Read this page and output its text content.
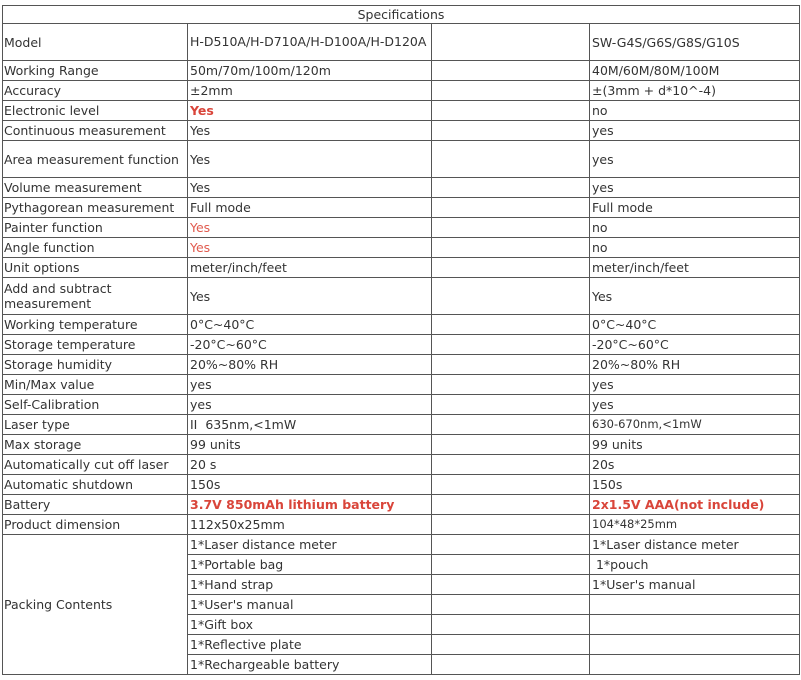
Specifications			
Model	H-D510A/H-D710A/H-D100A/H-D120A		SW-G4S/G6S/G8S/G10S
Working Range	50m/70m/100m/120m		40M/60M/80M/100M
Accuracy	±2mm		±(3mm + d*10^-4)
Electronic level	Yes		no
Continuous measurement	Yes		yes
Area measurement function	Yes		yes
Volume measurement	Yes		yes
Pythagorean measurement	Full mode		Full mode
Painter function	Yes		no
Angle function	Yes		no
Unit options	meter/inch/feet		meter/inch/feet
Add and subtract measurement	Yes		Yes
Working temperature	0°C~40°C		0°C~40°C
Storage temperature	-20°C~60°C		-20°C~60°C
Storage humidity	20%~80% RH		20%~80% RH
Min/Max value	yes		yes
Self-Calibration	yes		yes
Laser type	II  635nm,<1mW		630-670nm,<1mW
Max storage	99 units		99 units
Automatically cut off laser	20 s		20s
Automatic shutdown	150s		150s
Battery	3.7V 850mAh lithium battery		2x1.5V AAA(not include)
Product dimension	112x50x25mm		104*48*25mm
Packing Contents	1*Laser distance meter		1*Laser distance meter
	1*Portable bag		1*pouch
	1*Hand strap		1*User's manual
	1*User's manual		
	1*Gift box		
	1*Reflective plate		
	1*Rechargeable battery		
